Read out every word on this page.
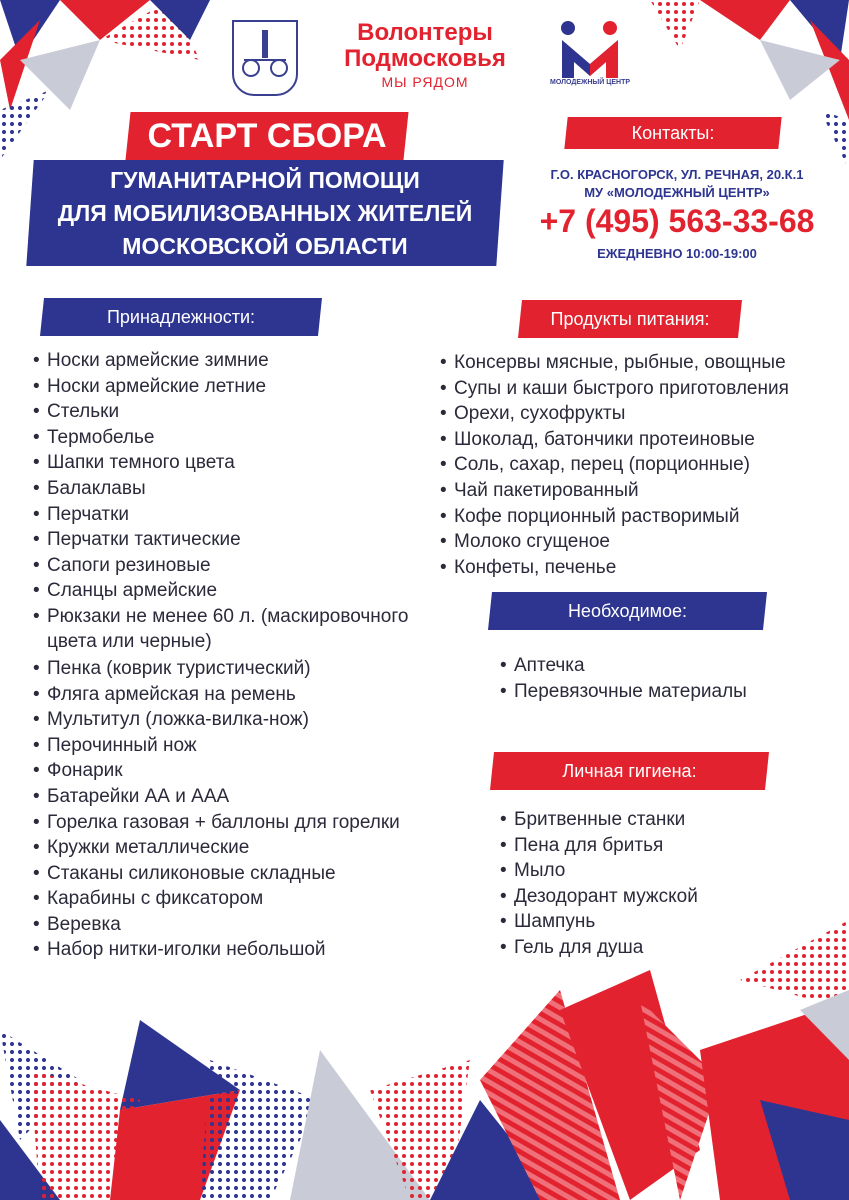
Волонтеры
Подмосковья
МЫ РЯДОМ	МОЛОДЕЖНЫЙ ЦЕНТР
СТАРТ СБОРА
ГУМАНИТАРНОЙ ПОМОЩИ
ДЛЯ МОБИЛИЗОВАННЫХ ЖИТЕЛЕЙ
МОСКОВСКОЙ ОБЛАСТИ
Контакты:
Г.О. КРАСНОГОРСК, УЛ. РЕЧНАЯ, 20.К.1
МУ «МОЛОДЕЖНЫЙ ЦЕНТР»
+7 (495) 563-33-68
ЕЖЕДНЕВНО 10:00-19:00
Принадлежности:
• Носки армейские зимние
• Носки армейские летние
• Стельки
• Термобелье
• Шапки темного цвета
• Балаклавы
• Перчатки
• Перчатки тактические
• Сапоги резиновые
• Сланцы армейские
• Рюкзаки не менее 60 л. (маскировочного цвета или черные)
• Пенка (коврик туристический)
• Фляга армейская на ремень
• Мультитул (ложка-вилка-нож)
• Перочинный нож
• Фонарик
• Батарейки АА и ААА
• Горелка газовая + баллоны для горелки
• Кружки металлические
• Стаканы силиконовые складные
• Карабины с фиксатором
• Веревка
• Набор нитки-иголки небольшой
Продукты питания:
• Консервы мясные, рыбные, овощные
• Супы и каши быстрого приготовления
• Орехи, сухофрукты
• Шоколад, батончики протеиновые
• Соль, сахар, перец (порционные)
• Чай пакетированный
• Кофе порционный растворимый
• Молоко сгущеное
• Конфеты, печенье
Необходимое:
• Аптечка
• Перевязочные материалы
Личная гигиена:
• Бритвенные станки
• Пена для бритья
• Мыло
• Дезодорант мужской
• Шампунь
• Гель для душа
